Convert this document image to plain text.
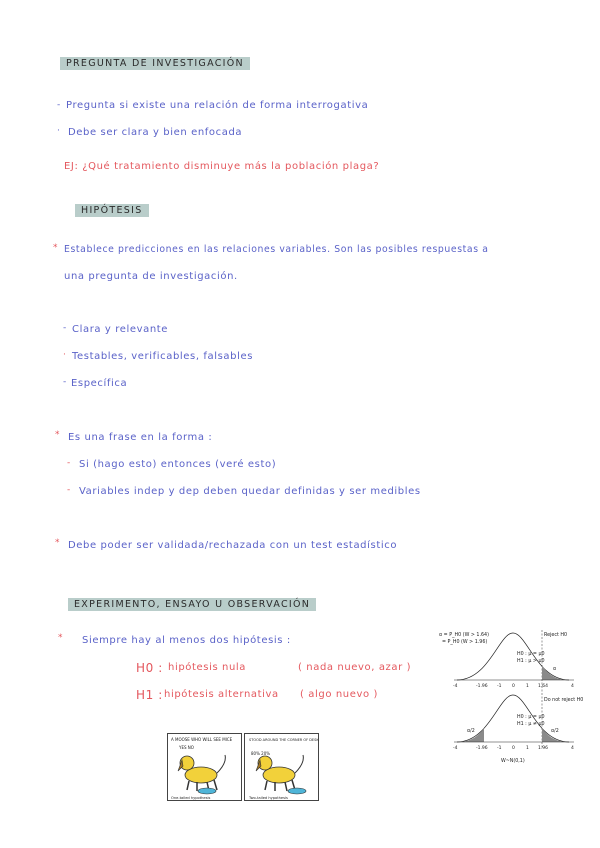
PREGUNTA DE INVESTIGACIÓN
- Pregunta si existe una relación de forma interrogativa
· Debe ser clara y bien enfocada
EJ: ¿Qué tratamiento disminuye más la población plaga?
HIPÓTESIS
* Establece predicciones en las relaciones variables. Son las posibles respuestas a
una pregunta de investigación.
- Clara y relevante
· Testables, verificables, falsables
- Específica
* Es una frase en la forma :
- Si (hago esto) entonces (veré esto)
- Variables indep y dep deben quedar definidas y ser medibles
* Debe poder ser validada/rechazada con un test estadístico
EXPERIMENTO, ENSAYO U OBSERVACIÓN
* Siempre hay al menos dos hipótesis :
H0 : hipótesis nula	( nada nuevo, azar )
H1 : hipótesis alternativa ( algo nuevo )
A MOOSE WHO WILL SEE MICE
YES NO
STOOD AROUND THE CORNER OF DESK
80% 20%
One-tailed hypothesis	Two-tailed hypothesis
α = P_H0 (W > 1.64)
= P_H0 (W > 1.96)
Reject H0
H0 : μ = μ0
H1 : μ > μ0
α
-4	-1.96 -1 0 1 1.64	4
Do not reject H0
H0 : μ = μ0
H1 : μ ≠ μ0
α/2	α/2
-4	-1.96 -1 0 1 1.96	4
W~N(0,1)
